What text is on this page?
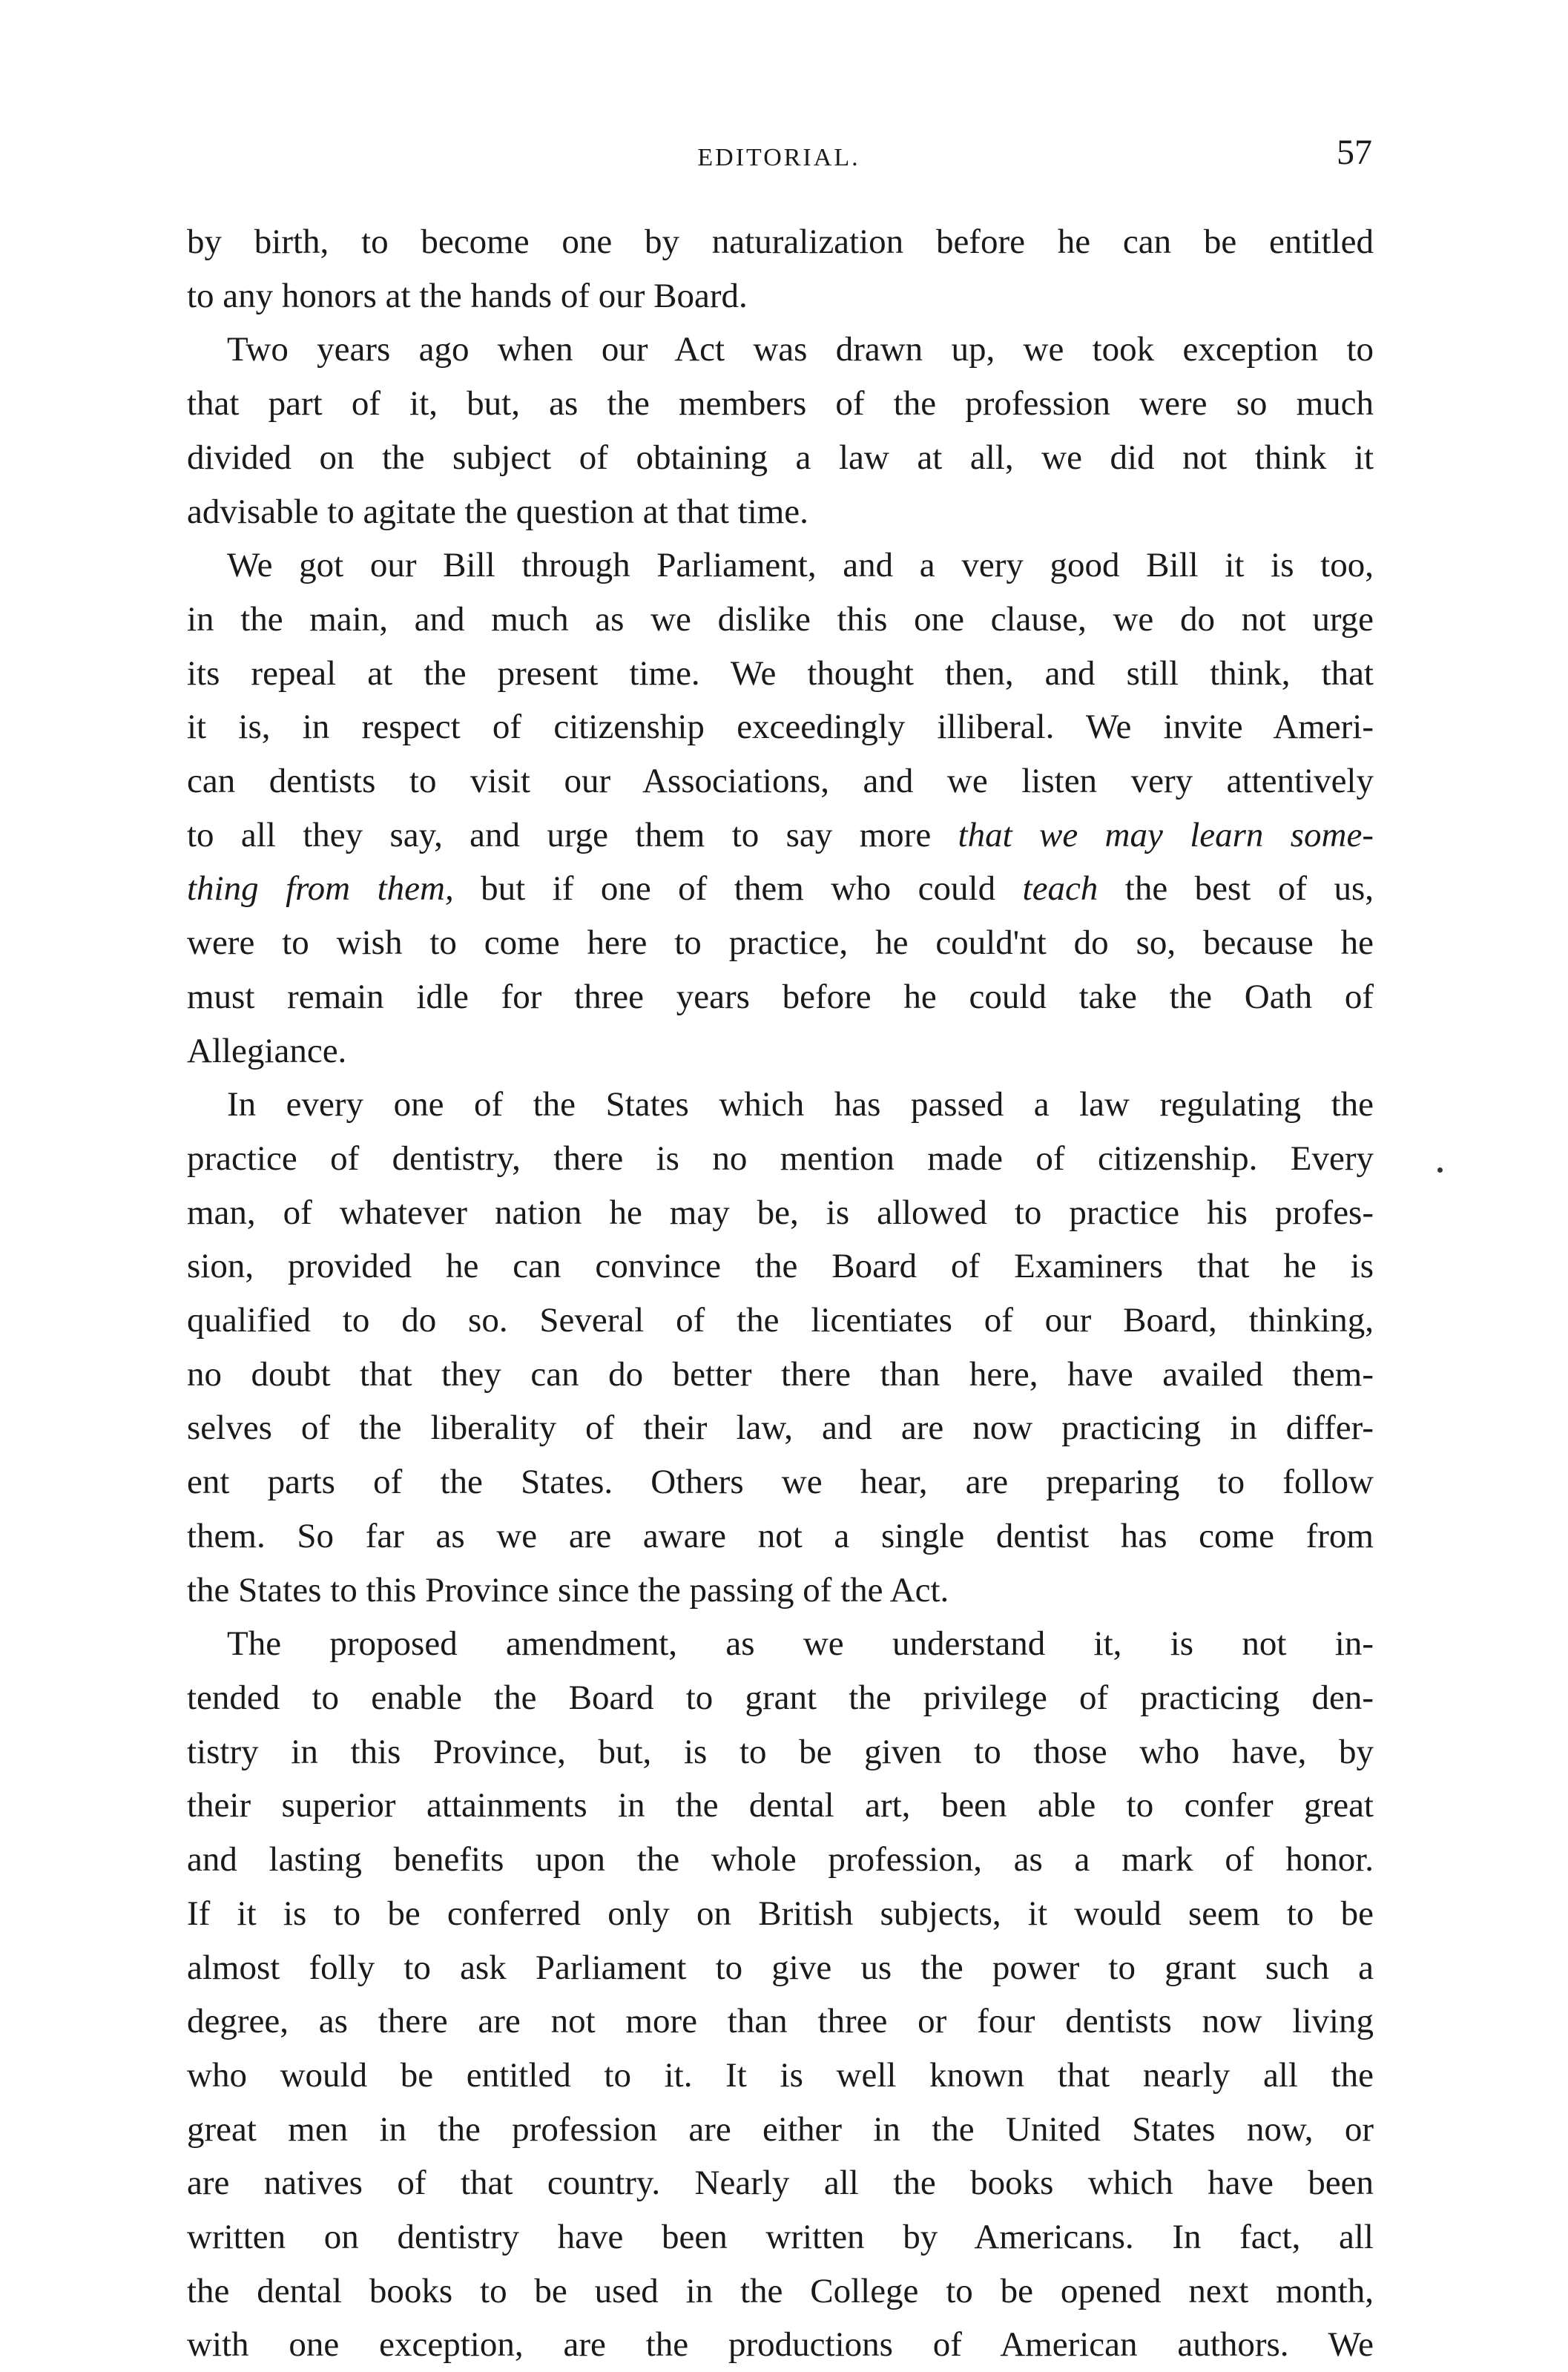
EDITORIAL.	57
by birth, to become one by naturalization before he can be entitled
to any honors at the hands of our Board.
Two years ago when our Act was drawn up, we took exception to
that part of it, but, as the members of the profession were so much
divided on the subject of obtaining a law at all, we did not think it
advisable to agitate the question at that time.
We got our Bill through Parliament, and a very good Bill it is too,
in the main, and much as we dislike this one clause, we do not urge
its repeal at the present time. We thought then, and still think, that
it is, in respect of citizenship exceedingly illiberal. We invite Ameri-
can dentists to visit our Associations, and we listen very attentively
to all they say, and urge them to say more that we may learn some-
thing from them, but if one of them who could teach the best of us,
were to wish to come here to practice, he could'nt do so, because he
must remain idle for three years before he could take the Oath of
Allegiance.
In every one of the States which has passed a law regulating the
practice of dentistry, there is no mention made of citizenship. Every
man, of whatever nation he may be, is allowed to practice his profes-
sion, provided he can convince the Board of Examiners that he is
qualified to do so. Several of the licentiates of our Board, thinking,
no doubt that they can do better there than here, have availed them-
selves of the liberality of their law, and are now practicing in differ-
ent parts of the States. Others we hear, are preparing to follow
them. So far as we are aware not a single dentist has come from
the States to this Province since the passing of the Act.
The proposed amendment, as we understand it, is not in-
tended to enable the Board to grant the privilege of practicing den-
tistry in this Province, but, is to be given to those who have, by
their superior attainments in the dental art, been able to confer great
and lasting benefits upon the whole profession, as a mark of honor.
If it is to be conferred only on British subjects, it would seem to be
almost folly to ask Parliament to give us the power to grant such a
degree, as there are not more than three or four dentists now living
who would be entitled to it. It is well known that nearly all the
great men in the profession are either in the United States now, or
are natives of that country. Nearly all the books which have been
written on dentistry have been written by Americans. In fact, all
the dental books to be used in the College to be opened next month,
with one exception, are the productions of American authors. We
